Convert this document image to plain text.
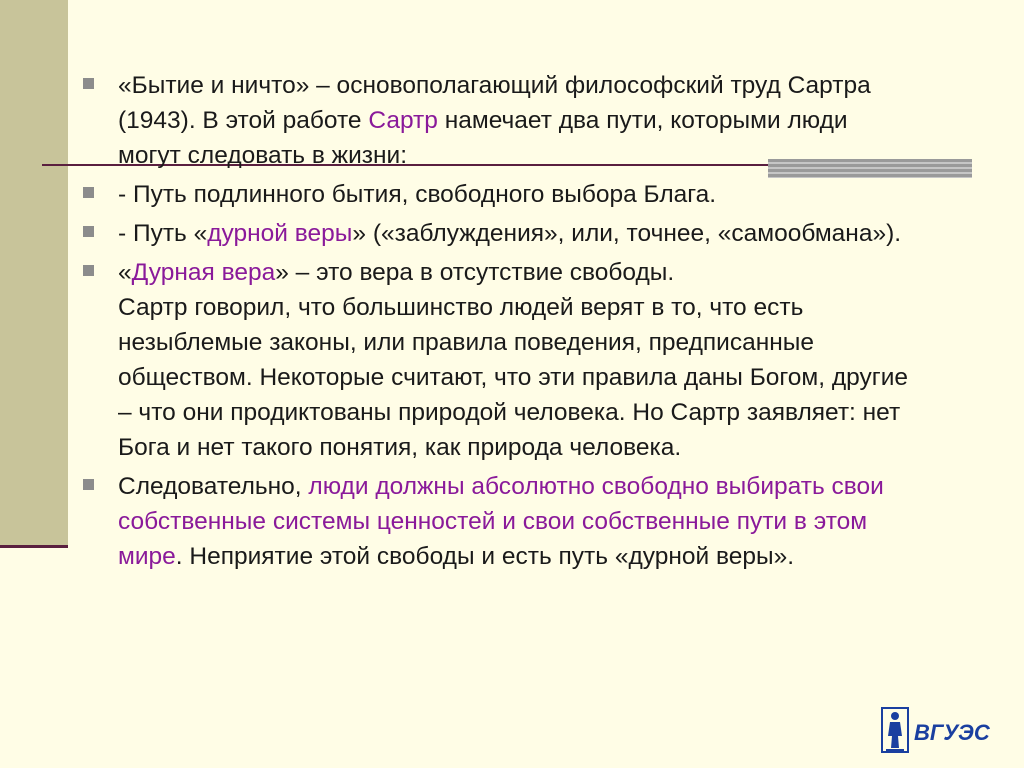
«Бытие и ничто» – основополагающий философский труд Сартра
(1943). В этой работе Сартр намечает два пути, которыми люди
могут следовать в жизни:
- Путь подлинного бытия, свободного выбора Блага.
- Путь «дурной веры» («заблуждения», или, точнее, «самообмана»).
«Дурная вера» – это вера в отсутствие свободы.
Сартр говорил, что большинство людей верят в то, что есть
незыблемые законы, или правила поведения, предписанные
обществом. Некоторые считают, что эти правила даны Богом, другие
– что они продиктованы природой человека. Но Сартр заявляет: нет
Бога и нет такого понятия, как природа человека.
Следовательно, люди должны абсолютно свободно выбирать свои
собственные системы ценностей и свои собственные пути в этом
мире. Неприятие этой свободы и есть путь «дурной веры».
ВГУЭС
